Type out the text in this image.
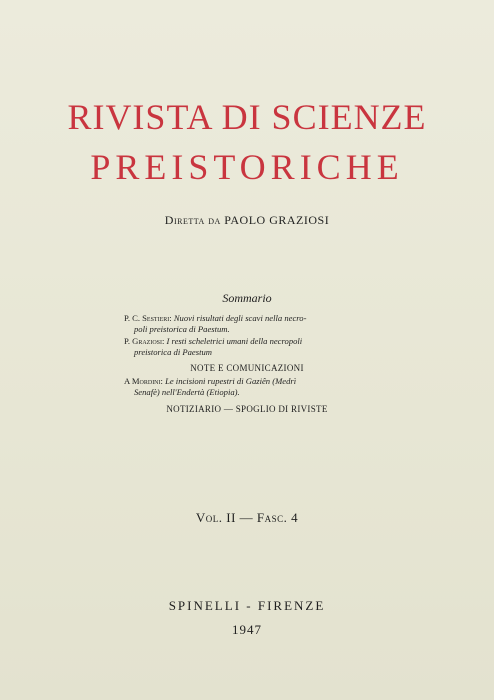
RIVISTA DI SCIENZE
PREISTORICHE
Diretta da PAOLO GRAZIOSI
Sommario
P. C. Sestieri: Nuovi risultati degli scavi nella necro-
poli preistorica di Paestum.
P. Graziosi: I resti scheletrici umani della necropoli
preistorica di Paestum
NOTE E COMUNICAZIONI
A Mordini: Le incisioni rupestri di Gaziên (Medrì
Senafè) nell'Endertà (Etiopia).
NOTIZIARIO — SPOGLIO DI RIVISTE
Vol. II — Fasc. 4
SPINELLI - FIRENZE
1947
